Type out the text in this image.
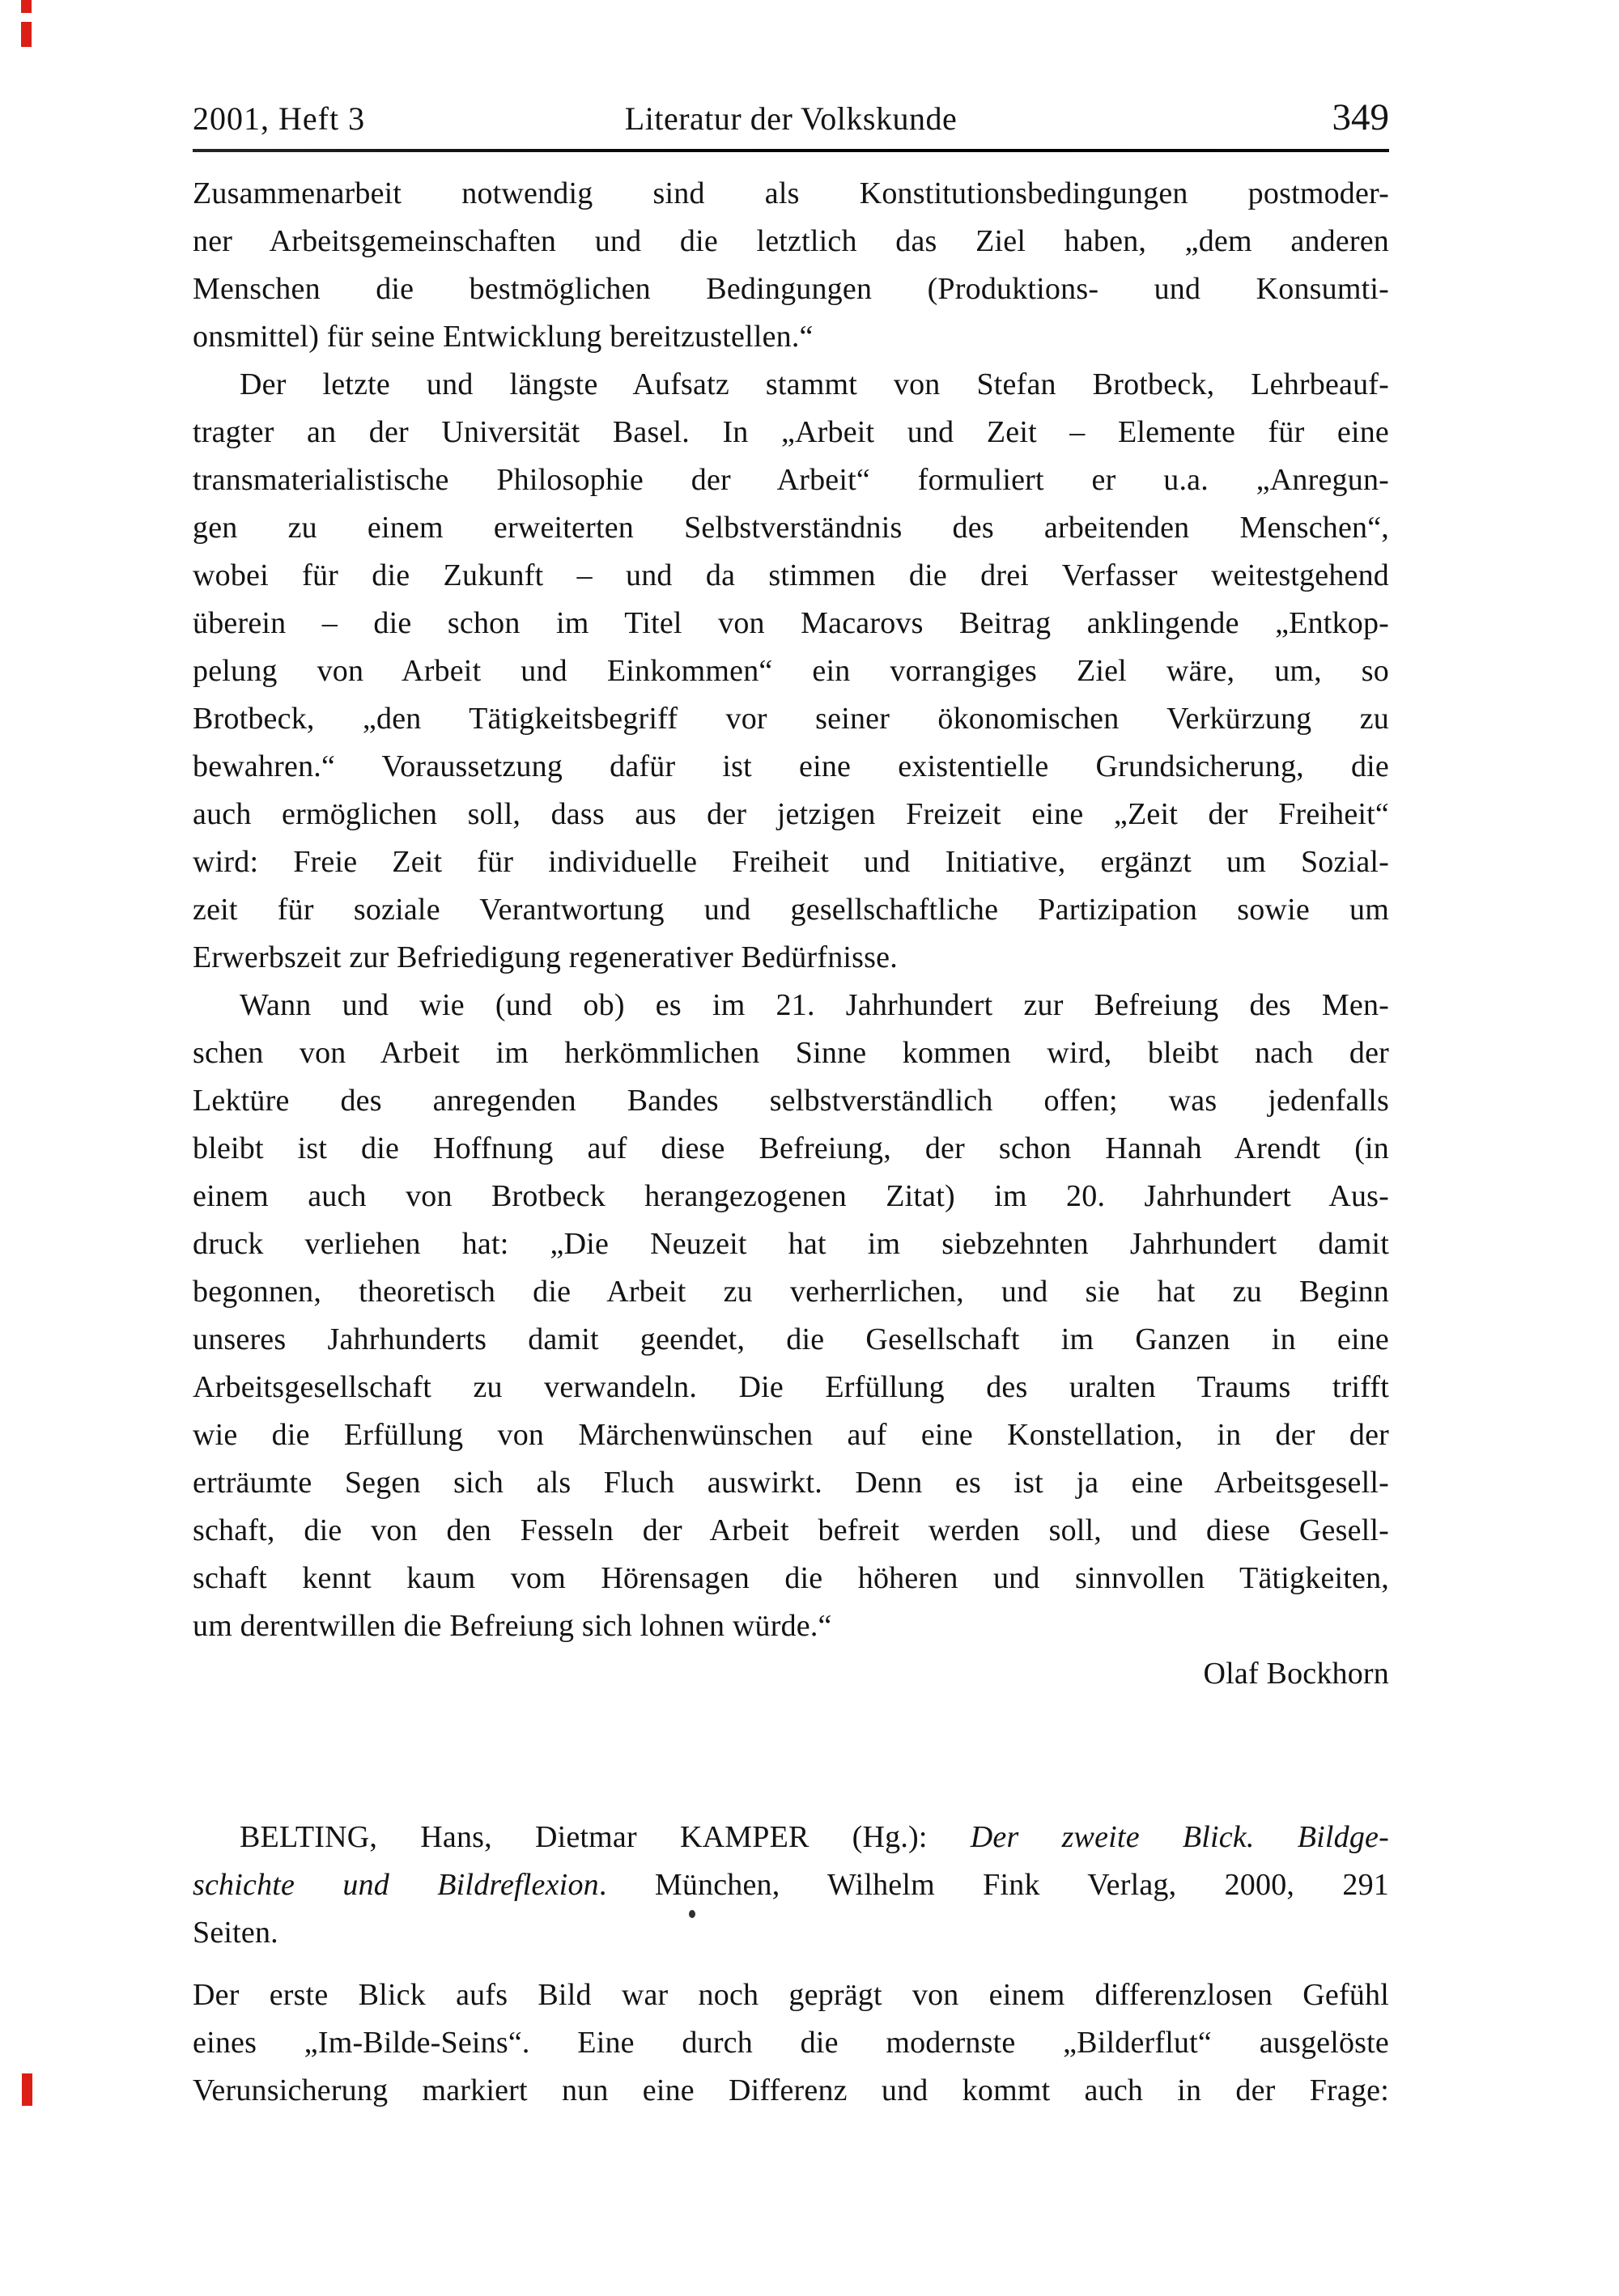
2001, Heft 3	Literatur der Volkskunde	349
Zusammenarbeit notwendig sind als Konstitutionsbedingungen postmoder-
ner Arbeitsgemeinschaften und die letztlich das Ziel haben, „dem anderen
Menschen die bestmöglichen Bedingungen (Produktions- und Konsumti-
onsmittel) für seine Entwicklung bereitzustellen.“
Der letzte und längste Aufsatz stammt von Stefan Brotbeck, Lehrbeauf-
tragter an der Universität Basel. In „Arbeit und Zeit – Elemente für eine
transmaterialistische Philosophie der Arbeit“ formuliert er u.a. „Anregun-
gen zu einem erweiterten Selbstverständnis des arbeitenden Menschen“,
wobei für die Zukunft – und da stimmen die drei Verfasser weitestgehend
überein – die schon im Titel von Macarovs Beitrag anklingende „Entkop-
pelung von Arbeit und Einkommen“ ein vorrangiges Ziel wäre, um, so
Brotbeck, „den Tätigkeitsbegriff vor seiner ökonomischen Verkürzung zu
bewahren.“ Voraussetzung dafür ist eine existentielle Grundsicherung, die
auch ermöglichen soll, dass aus der jetzigen Freizeit eine „Zeit der Freiheit“
wird: Freie Zeit für individuelle Freiheit und Initiative, ergänzt um Sozial-
zeit für soziale Verantwortung und gesellschaftliche Partizipation sowie um
Erwerbszeit zur Befriedigung regenerativer Bedürfnisse.
Wann und wie (und ob) es im 21. Jahrhundert zur Befreiung des Men-
schen von Arbeit im herkömmlichen Sinne kommen wird, bleibt nach der
Lektüre des anregenden Bandes selbstverständlich offen; was jedenfalls
bleibt ist die Hoffnung auf diese Befreiung, der schon Hannah Arendt (in
einem auch von Brotbeck herangezogenen Zitat) im 20. Jahrhundert Aus-
druck verliehen hat: „Die Neuzeit hat im siebzehnten Jahrhundert damit
begonnen, theoretisch die Arbeit zu verherrlichen, und sie hat zu Beginn
unseres Jahrhunderts damit geendet, die Gesellschaft im Ganzen in eine
Arbeitsgesellschaft zu verwandeln. Die Erfüllung des uralten Traums trifft
wie die Erfüllung von Märchenwünschen auf eine Konstellation, in der der
erträumte Segen sich als Fluch auswirkt. Denn es ist ja eine Arbeitsgesell-
schaft, die von den Fesseln der Arbeit befreit werden soll, und diese Gesell-
schaft kennt kaum vom Hörensagen die höheren und sinnvollen Tätigkeiten,
um derentwillen die Befreiung sich lohnen würde.“
Olaf Bockhorn
BELTING, Hans, Dietmar KAMPER (Hg.): Der zweite Blick. Bildge-
schichte und Bildreflexion. München, Wilhelm Fink Verlag, 2000, 291
Seiten.
Der erste Blick aufs Bild war noch geprägt von einem differenzlosen Gefühl
eines „Im-Bilde-Seins“. Eine durch die modernste „Bilderflut“ ausgelöste
Verunsicherung markiert nun eine Differenz und kommt auch in der Frage:
